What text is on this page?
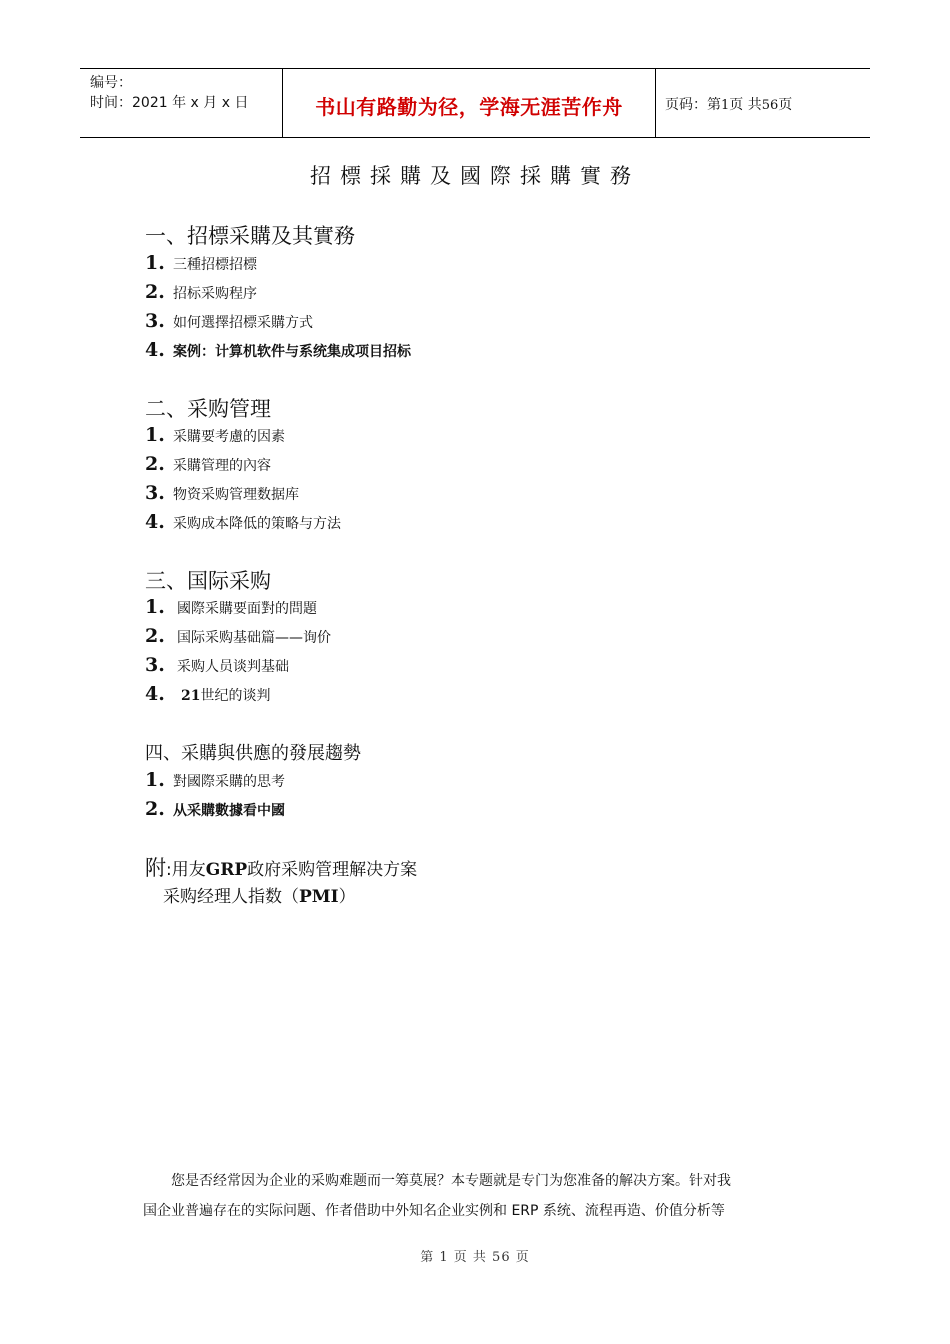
编号：
时间：2021 年 x 月 x 日	书山有路勤为径，学海无涯苦作舟	页码：第1页 共56页
招標採購及國際採購實務
一、招標采購及其實務
1. 三種招標招標
2. 招标采购程序
3. 如何選擇招標采購方式
4. 案例：计算机软件与系统集成项目招标
二、采购管理
1. 采購要考慮的因素
2. 采購管理的內容
3. 物资采购管理数据库
4. 采购成本降低的策略与方法
三、国际采购
1. 國際采購要面對的問題
2. 国际采购基础篇——询价
3. 采购人员谈判基础
4. 21世纪的谈判
四、采購與供應的發展趨勢
1. 對國際采購的思考
2. 从采購數據看中國
附:用友GRP政府采购管理解决方案
采购经理人指数（PMI）
　　您是否经常因为企业的采购难题而一筹莫展？本专题就是专门为您准备的解决方案。针对我
国企业普遍存在的实际问题、作者借助中外知名企业实例和 ERP 系统、流程再造、价值分析等
第 1 页 共 56 页
